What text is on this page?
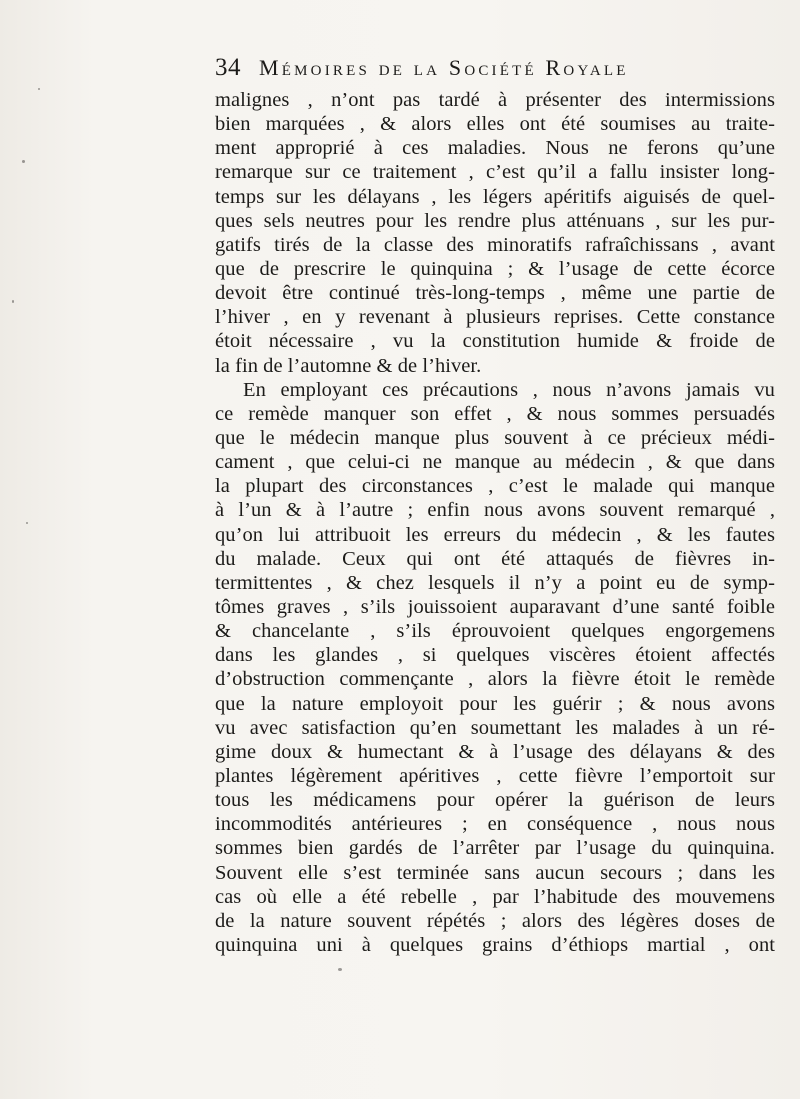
34 Mémoires de la Société Royale
malignes , n’ont pas tardé à présenter des intermissions
bien marquées , & alors elles ont été soumises au traite-
ment approprié à ces maladies. Nous ne ferons qu’une
remarque sur ce traitement , c’est qu’il a fallu insister long-
temps sur les délayans , les légers apéritifs aiguisés de quel-
ques sels neutres pour les rendre plus atténuans , sur les pur-
gatifs tirés de la classe des minoratifs rafraîchissans , avant
que de prescrire le quinquina ; & l’usage de cette écorce
devoit être continué très-long-temps , même une partie de
l’hiver , en y revenant à plusieurs reprises. Cette constance
étoit nécessaire , vu la constitution humide & froide de
la fin de l’automne & de l’hiver.
En employant ces précautions , nous n’avons jamais vu
ce remède manquer son effet , & nous sommes persuadés
que le médecin manque plus souvent à ce précieux médi-
cament , que celui-ci ne manque au médecin , & que dans
la plupart des circonstances , c’est le malade qui manque
à l’un & à l’autre ; enfin nous avons souvent remarqué ,
qu’on lui attribuoit les erreurs du médecin , & les fautes
du malade. Ceux qui ont été attaqués de fièvres in-
termittentes , & chez lesquels il n’y a point eu de symp-
tômes graves , s’ils jouissoient auparavant d’une santé foible
& chancelante , s’ils éprouvoient quelques engorgemens
dans les glandes , si quelques viscères étoient affectés
d’obstruction commençante , alors la fièvre étoit le remède
que la nature employoit pour les guérir ; & nous avons
vu avec satisfaction qu’en soumettant les malades à un ré-
gime doux & humectant & à l’usage des délayans & des
plantes légèrement apéritives , cette fièvre l’emportoit sur
tous les médicamens pour opérer la guérison de leurs
incommodités antérieures ; en conséquence , nous nous
sommes bien gardés de l’arrêter par l’usage du quinquina.
Souvent elle s’est terminée sans aucun secours ; dans les
cas où elle a été rebelle , par l’habitude des mouvemens
de la nature souvent répétés ; alors des légères doses de
quinquina uni à quelques grains d’éthiops martial , ont
